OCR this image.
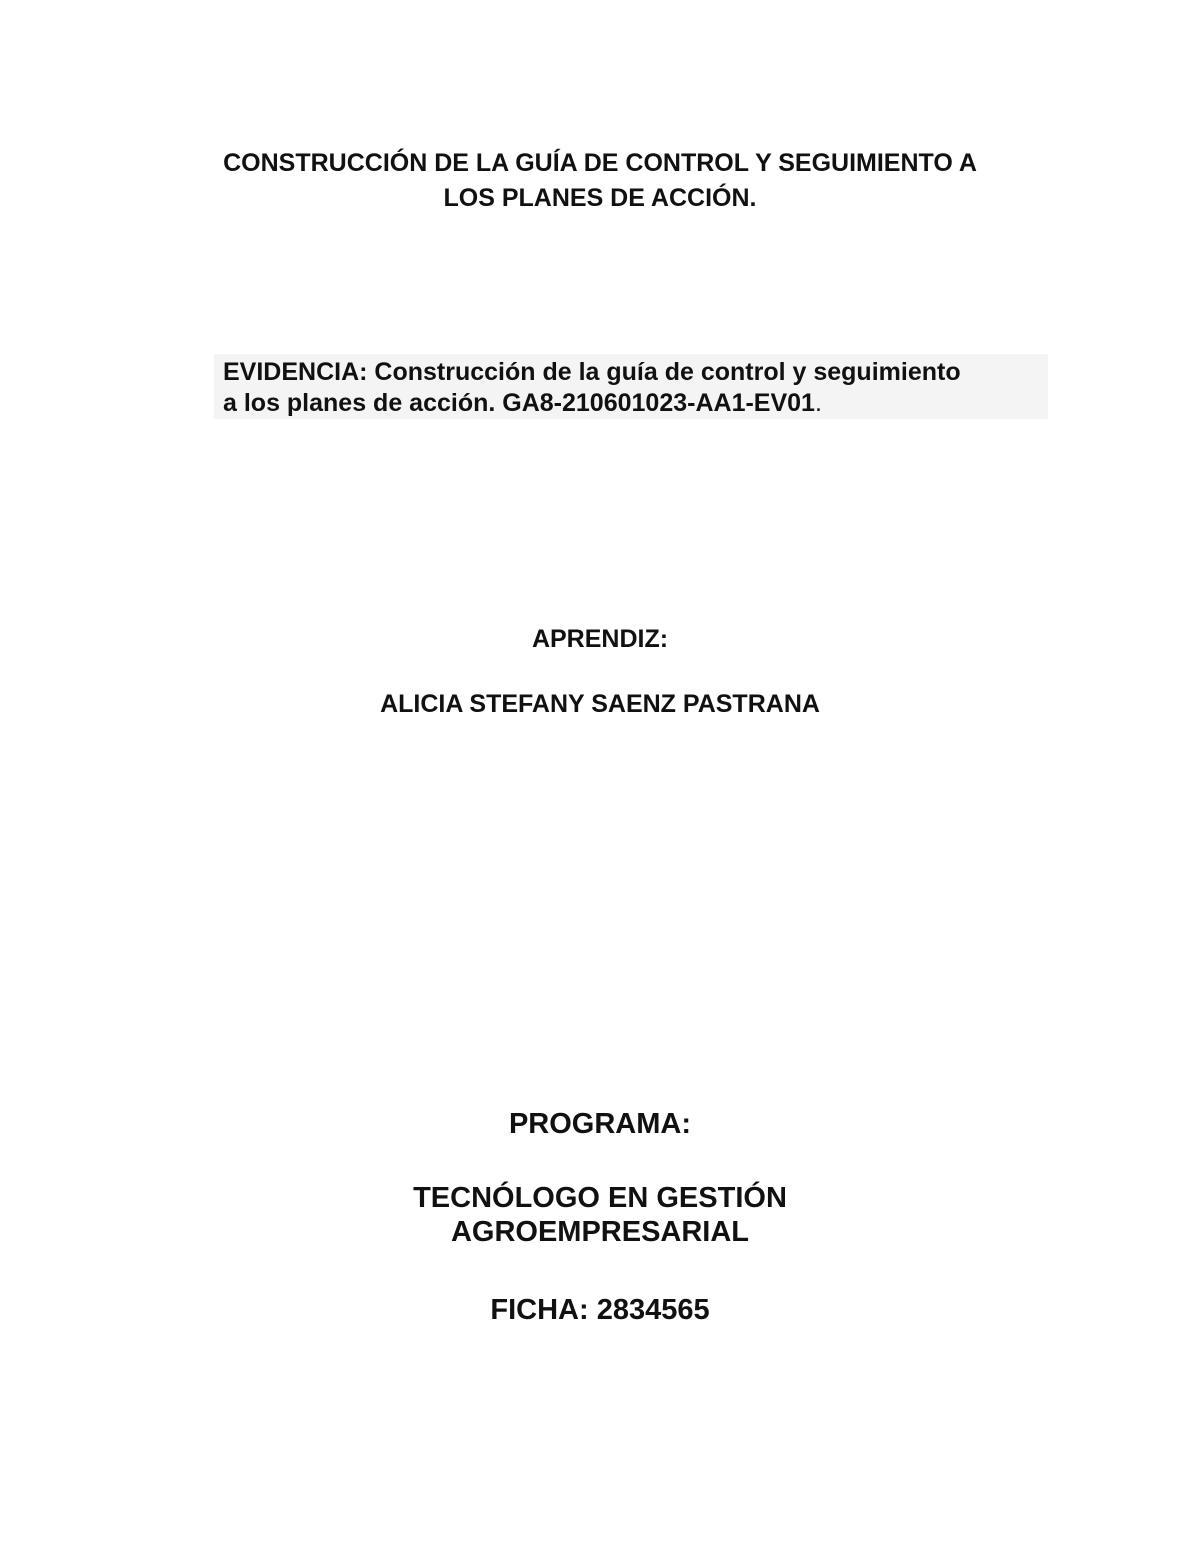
CONSTRUCCIÓN DE LA GUÍA DE CONTROL Y SEGUIMIENTO A
LOS PLANES DE ACCIÓN.
EVIDENCIA: Construcción de la guía de control y seguimiento
a los planes de acción. GA8-210601023-AA1-EV01.
APRENDIZ:
ALICIA STEFANY SAENZ PASTRANA
PROGRAMA:
TECNÓLOGO EN GESTIÓN
AGROEMPRESARIAL
FICHA: 2834565
